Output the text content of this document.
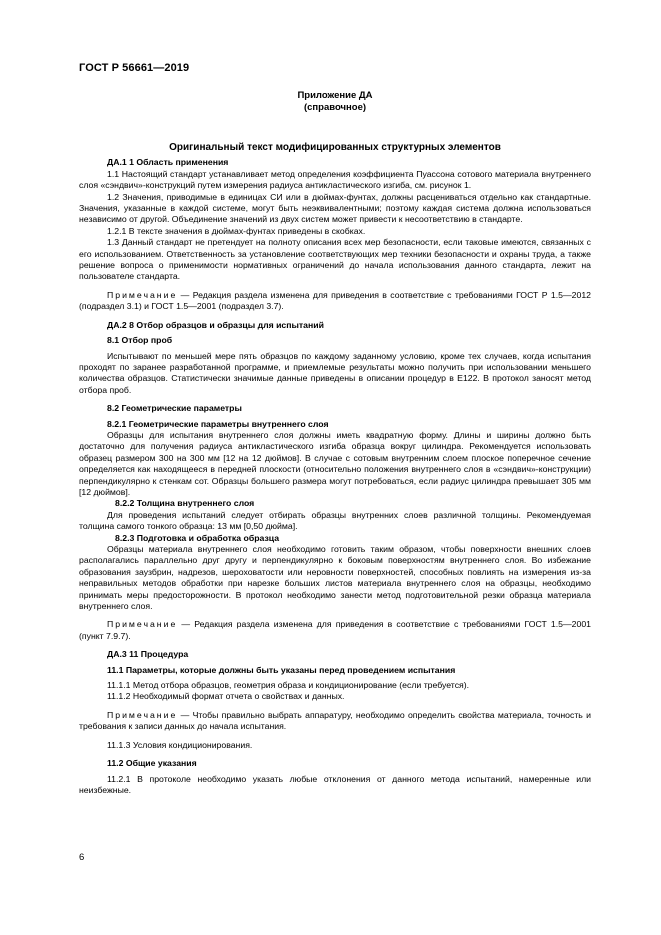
ГОСТ Р 56661—2019
Приложение ДА
(справочное)
Оригинальный текст модифицированных структурных элементов

ДА.1 1 Область применения

1.1 Настоящий стандарт устанавливает метод определения коэффициента Пуассона сотового материала внутреннего слоя «сэндвич»-конструкций путем измерения радиуса антикластического изгиба, см. рисунок 1.

1.2 Значения, приводимые в единицах СИ или в дюймах-фунтах, должны расцениваться отдельно как стандартные. Значения, указанные в каждой системе, могут быть неэквивалентными; поэтому каждая система должна использоваться независимо от другой. Объединение значений из двух систем может привести к несоответствию в стандарте.

1.2.1 В тексте значения в дюймах-фунтах приведены в скобках.

1.3 Данный стандарт не претендует на полноту описания всех мер безопасности, если таковые имеются, связанных с его использованием. Ответственность за установление соответствующих мер техники безопасности и охраны труда, а также решение вопроса о применимости нормативных ограничений до начала использования данного стандарта, лежит на пользователе стандарта.

Примечание — Редакция раздела изменена для приведения в соответствие с требованиями ГОСТ Р 1.5—2012 (подраздел 3.1) и ГОСТ 1.5—2001 (подраздел 3.7).

ДА.2 8 Отбор образцов и образцы для испытаний

8.1 Отбор проб

Испытывают по меньшей мере пять образцов по каждому заданному условию, кроме тех случаев, когда испытания проходят по заранее разработанной программе, и приемлемые результаты можно получить при использовании меньшего количества образцов. Статистически значимые данные приведены в описании процедур в E122. В протокол заносят метод отбора проб.

8.2 Геометрические параметры

8.2.1 Геометрические параметры внутреннего слоя

Образцы для испытания внутреннего слоя должны иметь квадратную форму. Длины и ширины должно быть достаточно для получения радиуса антикластического изгиба образца вокруг цилиндра. Рекомендуется использовать образец размером 300 на 300 мм [12 на 12 дюймов]. В случае с сотовым внутренним слоем плоское поперечное сечение определяется как находящееся в передней плоскости (относительно положения внутреннего слоя в «сэндвич»-конструкции) перпендикулярно к стенкам сот. Образцы большего размера могут потребоваться, если радиус цилиндра превышает 305 мм [12 дюймов].

8.2.2 Толщина внутреннего слоя

Для проведения испытаний следует отбирать образцы внутренних слоев различной толщины. Рекомендуемая толщина самого тонкого образца: 13 мм [0,50 дюйма].

8.2.3 Подготовка и обработка образца

Образцы материала внутреннего слоя необходимо готовить таким образом, чтобы поверхности внешних слоев располагались параллельно друг другу и перпендикулярно к боковым поверхностям внутреннего слоя. Во избежание образования заузбрин, надрезов, шероховатости или неровности поверхностей, способных повлиять на измерения из-за неправильных методов обработки при нарезке больших листов материала внутреннего слоя на образцы, необходимо принимать меры предосторожности. В протокол необходимо занести метод подготовительной резки образца материала внутреннего слоя.

Примечание — Редакция раздела изменена для приведения в соответствие с требованиями ГОСТ 1.5—2001 (пункт 7.9.7).

ДА.3 11 Процедура

11.1 Параметры, которые должны быть указаны перед проведением испытания

11.1.1 Метод отбора образцов, геометрия образа и кондиционирование (если требуется).

11.1.2 Необходимый формат отчета о свойствах и данных.

Примечание — Чтобы правильно выбрать аппаратуру, необходимо определить свойства материала, точность и требования к записи данных до начала испытания.

11.1.3 Условия кондиционирования.

11.2 Общие указания

11.2.1 В протоколе необходимо указать любые отклонения от данного метода испытаний, намеренные или неизбежные.

6
